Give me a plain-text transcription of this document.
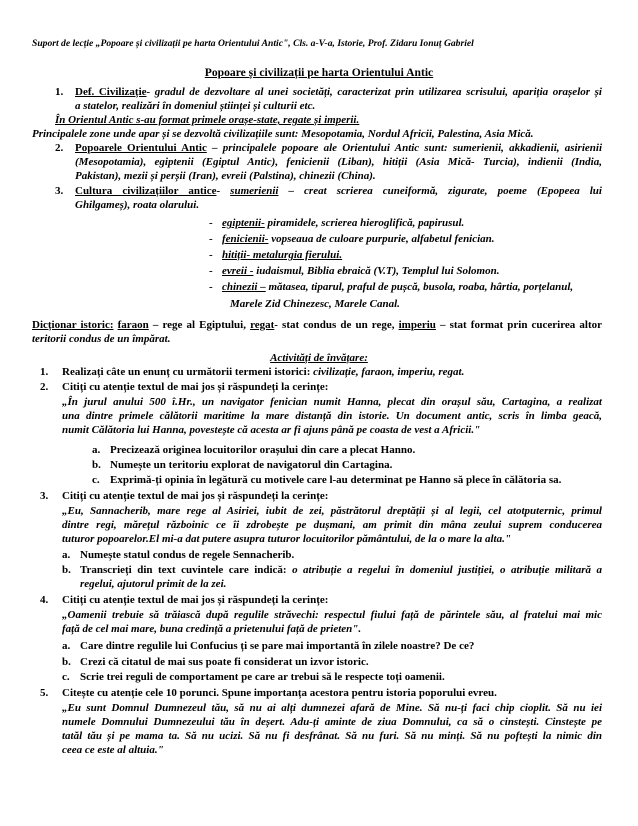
Suport de lecție „Popoare și civilizații pe harta Orientului Antic", Cls. a-V-a, Istorie, Prof. Zidaru Ionuț Gabriel
Popoare și civilizații pe harta Orientului Antic
1. Def. Civilizație- gradul de dezvoltare al unei societăți, caracterizat prin utilizarea scrisului, apariția orașelor și
a statelor, realizări în domeniul științei și culturii etc.
În Orientul Antic s-au format primele orașe-state, regate și imperii.
Principalele zone unde apar și se dezvoltă civilizațiile sunt: Mesopotamia, Nordul Africii, Palestina, Asia Mică.
2. Popoarele Orientului Antic – principalele popoare ale Orientului Antic sunt: sumerienii, akkadienii, asirienii
(Mesopotamia), egiptenii (Egiptul Antic), fenicienii (Liban), hitiții (Asia Mică- Turcia), indienii (India,
Pakistan), mezii și perșii (Iran), evreii (Palstina), chinezii (China).
3. Cultura civilizațiilor antice- sumerienii – creat scrierea cuneiformă, zigurate, poeme (Epopeea lui
Ghilgameș), roata olarului.
- egiptenii- piramidele, scrierea hieroglifică, papirusul.
- fenicienii- vopseaua de culoare purpurie, alfabetul fenician.
- hitiții- metalurgia fierului.
- evreii - iudaismul, Biblia ebraică (V.T), Templul lui Solomon.
- chinezii – mătasea, tiparul, praful de pușcă, busola, roaba, hârtia, porțelanul,
Marele Zid Chinezesc, Marele Canal.
Dicționar istoric: faraon – rege al Egiptului, regat- stat condus de un rege, imperiu – stat format prin cucerirea altor
teritorii condus de un împărat.
Activități de învățare:
1. Realizați câte un enunț cu următorii termeni istorici: civilizație, faraon, imperiu, regat.
2. Citiți cu atenție textul de mai jos și răspundeți la cerințe:
„În jurul anului 500 î.Hr., un navigator fenician numit Hanna, plecat din orașul său, Cartagina, a realizat
una dintre primele călătorii maritime la mare distanță din istorie. Un document antic, scris în limba geacă,
numit Călătoria lui Hanna, povestește că acesta ar fi ajuns până pe coasta de vest a Africii."
a. Precizează originea locuitorilor orașului din care a plecat Hanno.
b. Numește un teritoriu explorat de navigatorul din Cartagina.
c. Exprimă-ți opinia în legătură cu motivele care l-au determinat pe Hanno să plece în călătoria sa.
3. Citiți cu atenție textul de mai jos și răspundeți la cerințe:
„Eu, Sannacherib, mare rege al Asiriei, iubit de zei, păstrătorul dreptății și al legii, cel atotputernic, primul
dintre regi, mărețul războinic ce îi zdrobește pe dușmani, am primit din mâna zeului suprem conducerea
tuturor popoarelor.El mi-a dat putere asupra tuturor locuitorilor pământului, de la o mare la alta."
a. Numește statul condus de regele Sennacherib.
b. Transcrieți din text cuvintele care indică: o atribuție a regelui în domeniul justiției, o atribuție militară a
regelui, ajutorul primit de la zei.
4. Citiți cu atenție textul de mai jos și răspundeți la cerințe:
„Oamenii trebuie să trăiască după regulile străvechi: respectul fiului față de părintele său, al fratelui mai mic
față de cel mai mare, buna credință a prietenului față de prieten".
a. Care dintre regulile lui Confucius ți se pare mai importantă în zilele noastre? De ce?
b. Crezi că citatul de mai sus poate fi considerat un izvor istoric.
c. Scrie trei reguli de comportament pe care ar trebui să le respecte toți oamenii.
5. Citește cu atenție cele 10 porunci. Spune importanța acestora pentru istoria poporului evreu.
„Eu sunt Domnul Dumnezeul tău, să nu ai alți dumnezei afară de Mine. Să nu-ți faci chip cioplit. Să nu iei
numele Domnului Dumnezeului tău în deșert. Adu-ți aminte de ziua Domnului, ca să o cinstești. Cinstește pe
tatăl tău și pe mama ta. Să nu ucizi. Să nu fi desfrânat. Să nu furi. Să nu minți. Să nu poftești la nimic din
ceea ce este al altuia."
